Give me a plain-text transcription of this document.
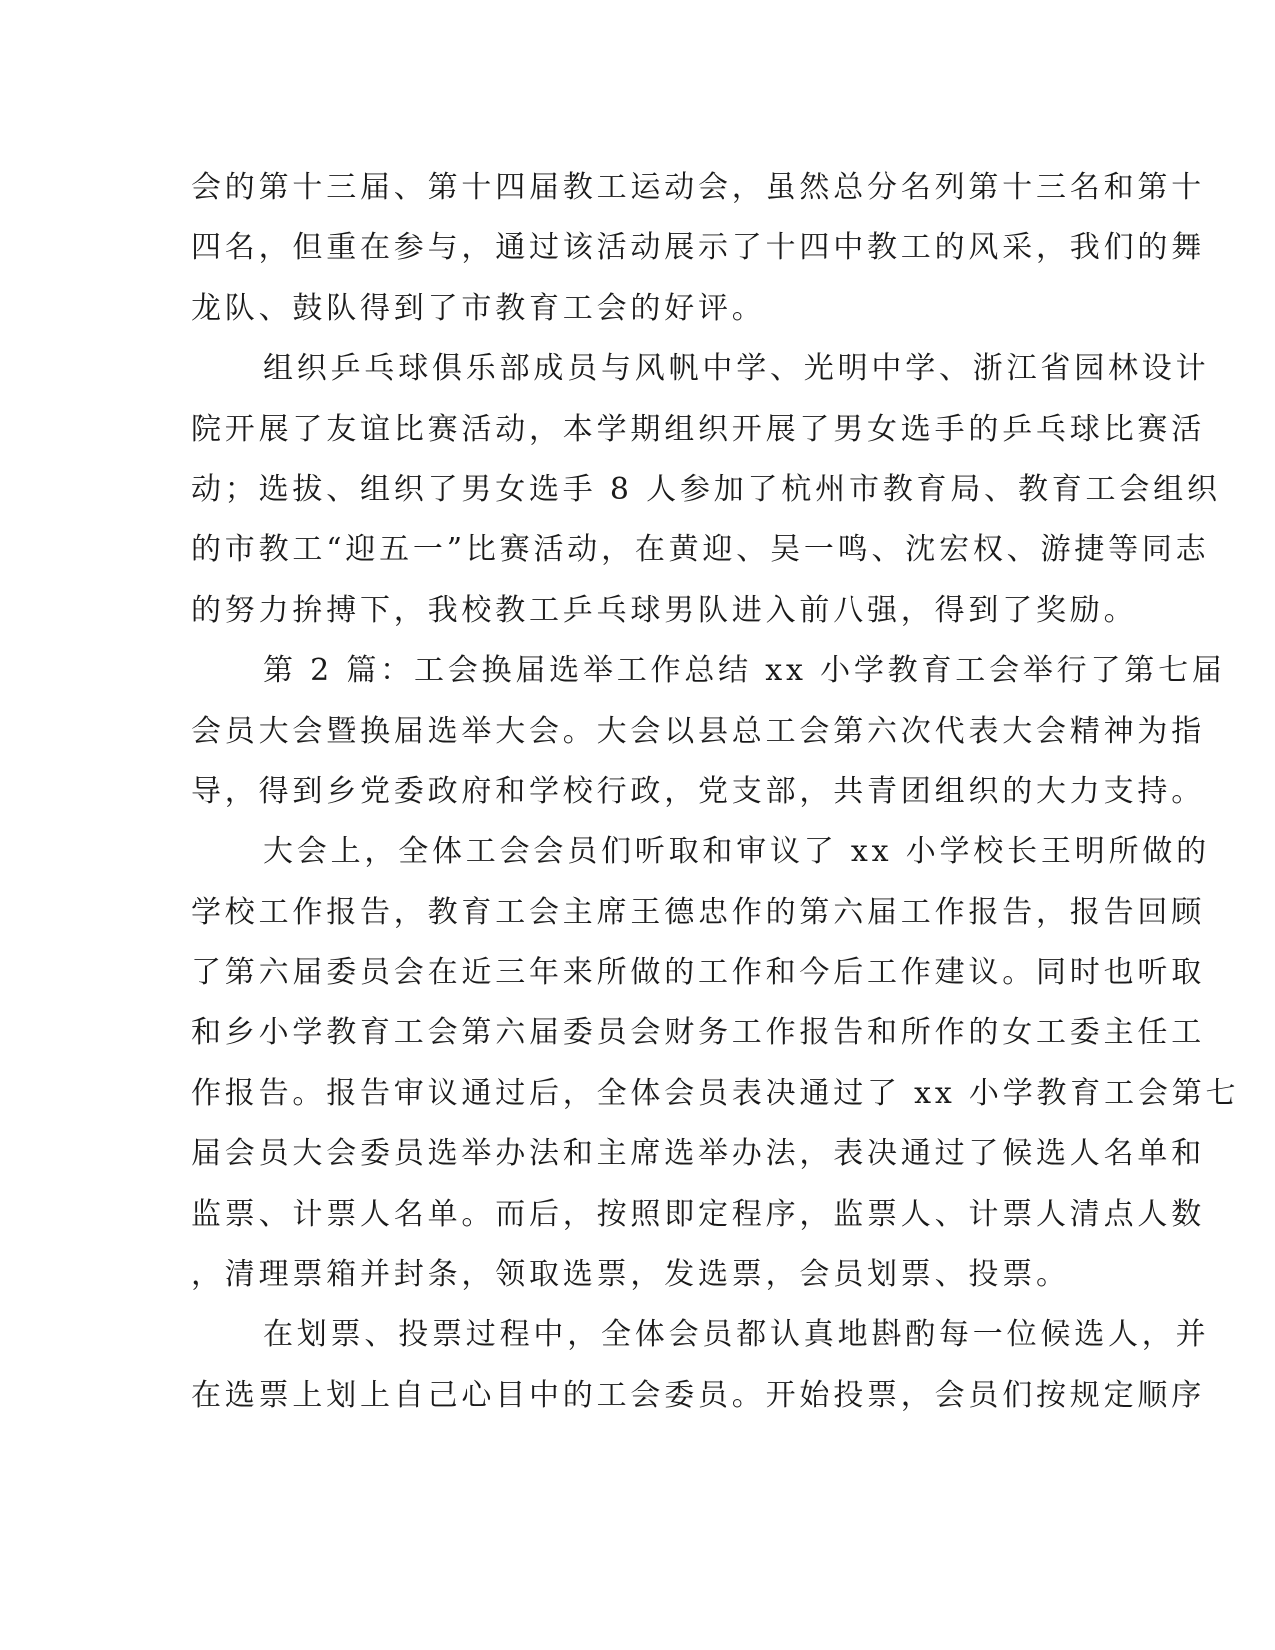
会的第十三届、第十四届教工运动会，虽然总分名列第十三名和第十
四名，但重在参与，通过该活动展示了十四中教工的风采，我们的舞
龙队、鼓队得到了市教育工会的好评。
组织乒乓球俱乐部成员与风帆中学、光明中学、浙江省园林设计
院开展了友谊比赛活动，本学期组织开展了男女选手的乒乓球比赛活
动；选拔、组织了男女选手 8 人参加了杭州市教育局、教育工会组织
的市教工“迎五一”比赛活动，在黄迎、吴一鸣、沈宏权、游捷等同志
的努力拚搏下，我校教工乒乓球男队进入前八强，得到了奖励。
第 2 篇：工会换届选举工作总结 xx 小学教育工会举行了第七届
会员大会暨换届选举大会。大会以县总工会第六次代表大会精神为指
导，得到乡党委政府和学校行政，党支部，共青团组织的大力支持。
大会上，全体工会会员们听取和审议了 xx 小学校长王明所做的
学校工作报告，教育工会主席王德忠作的第六届工作报告，报告回顾
了第六届委员会在近三年来所做的工作和今后工作建议。同时也听取
和乡小学教育工会第六届委员会财务工作报告和所作的女工委主任工
作报告。报告审议通过后，全体会员表决通过了 xx 小学教育工会第七
届会员大会委员选举办法和主席选举办法，表决通过了候选人名单和
监票、计票人名单。而后，按照即定程序，监票人、计票人清点人数
，清理票箱并封条，领取选票，发选票，会员划票、投票。
在划票、投票过程中，全体会员都认真地斟酌每一位候选人，并
在选票上划上自己心目中的工会委员。开始投票，会员们按规定顺序
